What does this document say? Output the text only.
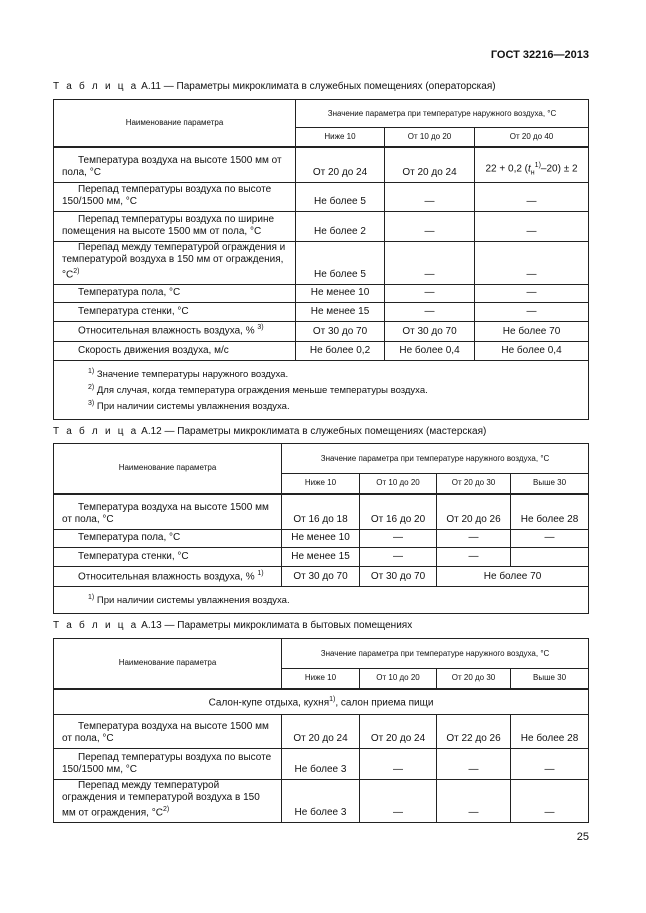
ГОСТ 32216—2013
Т а б л и ц а А.11 — Параметры микроклимата в служебных помещениях (операторская)
Наименование параметра	Значение параметра при температуре наружного воздуха, °С		
	Ниже 10	От 10 до 20	От 20 до 40

Температура воздуха на высоте 1500 мм от пола, °С	От 20 до 24	От 20 до 24	22 + 0,2 $(t_н^{1)}-20) \pm 2$

Перепад температуры воздуха по высоте 150/1500 мм, °С	Не более 5	—	—

Перепад температуры воздуха по ширине помещения на высоте 1500 мм от пола, °С	Не более 2	—	—

Перепад между температурой ограждения и температурой воздуха в 150 мм от ограждения, $^\circ С^{2)}$	Не более 5	—	—
Температура пола, °С	Не менее 10	—	—
Температура стенки, °С	Не менее 15	—	—
Относительная влажность воздуха, % $^{3)}$	От 30 до 70	От 30 до 70	Не более 70
Скорость движения воздуха, м/с	Не более 0,2	Не более 0,4	Не более 0,4

$^{1)}$ Значение температуры наружного воздуха.
$^{2)}$ Для случая, когда температура ограждения меньше температуры воздуха.
$^{3)}$ При наличии системы увлажнения воздуха.			
Т а б л и ц а А.12 — Параметры микроклимата в служебных помещениях (мастерская)
Наименование параметра	Значение параметра при температуре наружного воздуха, °С			
	Ниже 10	От 10 до 20	От 20 до 30	Выше 30

Температура воздуха на высоте 1500 мм от пола, °С	От 16 до 18	От 16 до 20	От 20 до 26	Не более 28
Температура пола, °С	Не менее 10	—	—	—
Температура стенки, °С	Не менее 15	—	—	
Относительная влажность воздуха, % $^{1)}$	От 30 до 70	От 30 до 70	Не более 70	

$^{1)}$ При наличии системы увлажнения воздуха.				
Т а б л и ц а А.13 — Параметры микроклимата в бытовых помещениях
Наименование параметра	Значение параметра при температуре наружного воздуха, °С			
	Ниже 10	От 10 до 20	От 20 до 30	Выше 30
Салон-купе отдыха, кухня$^{1)}$, салон приема пищи				

Температура воздуха на высоте 1500 мм от пола, °С	От 20 до 24	От 20 до 24	От 22 до 26	Не более 28

Перепад температуры воздуха по высоте 150/1500 мм, °С	Не более 3	—	—	—

Перепад между температурой ограждения и температурой воздуха в 150 мм от ограждения, $^\circ С^{2)}$	Не более 3	—	—	—
25
